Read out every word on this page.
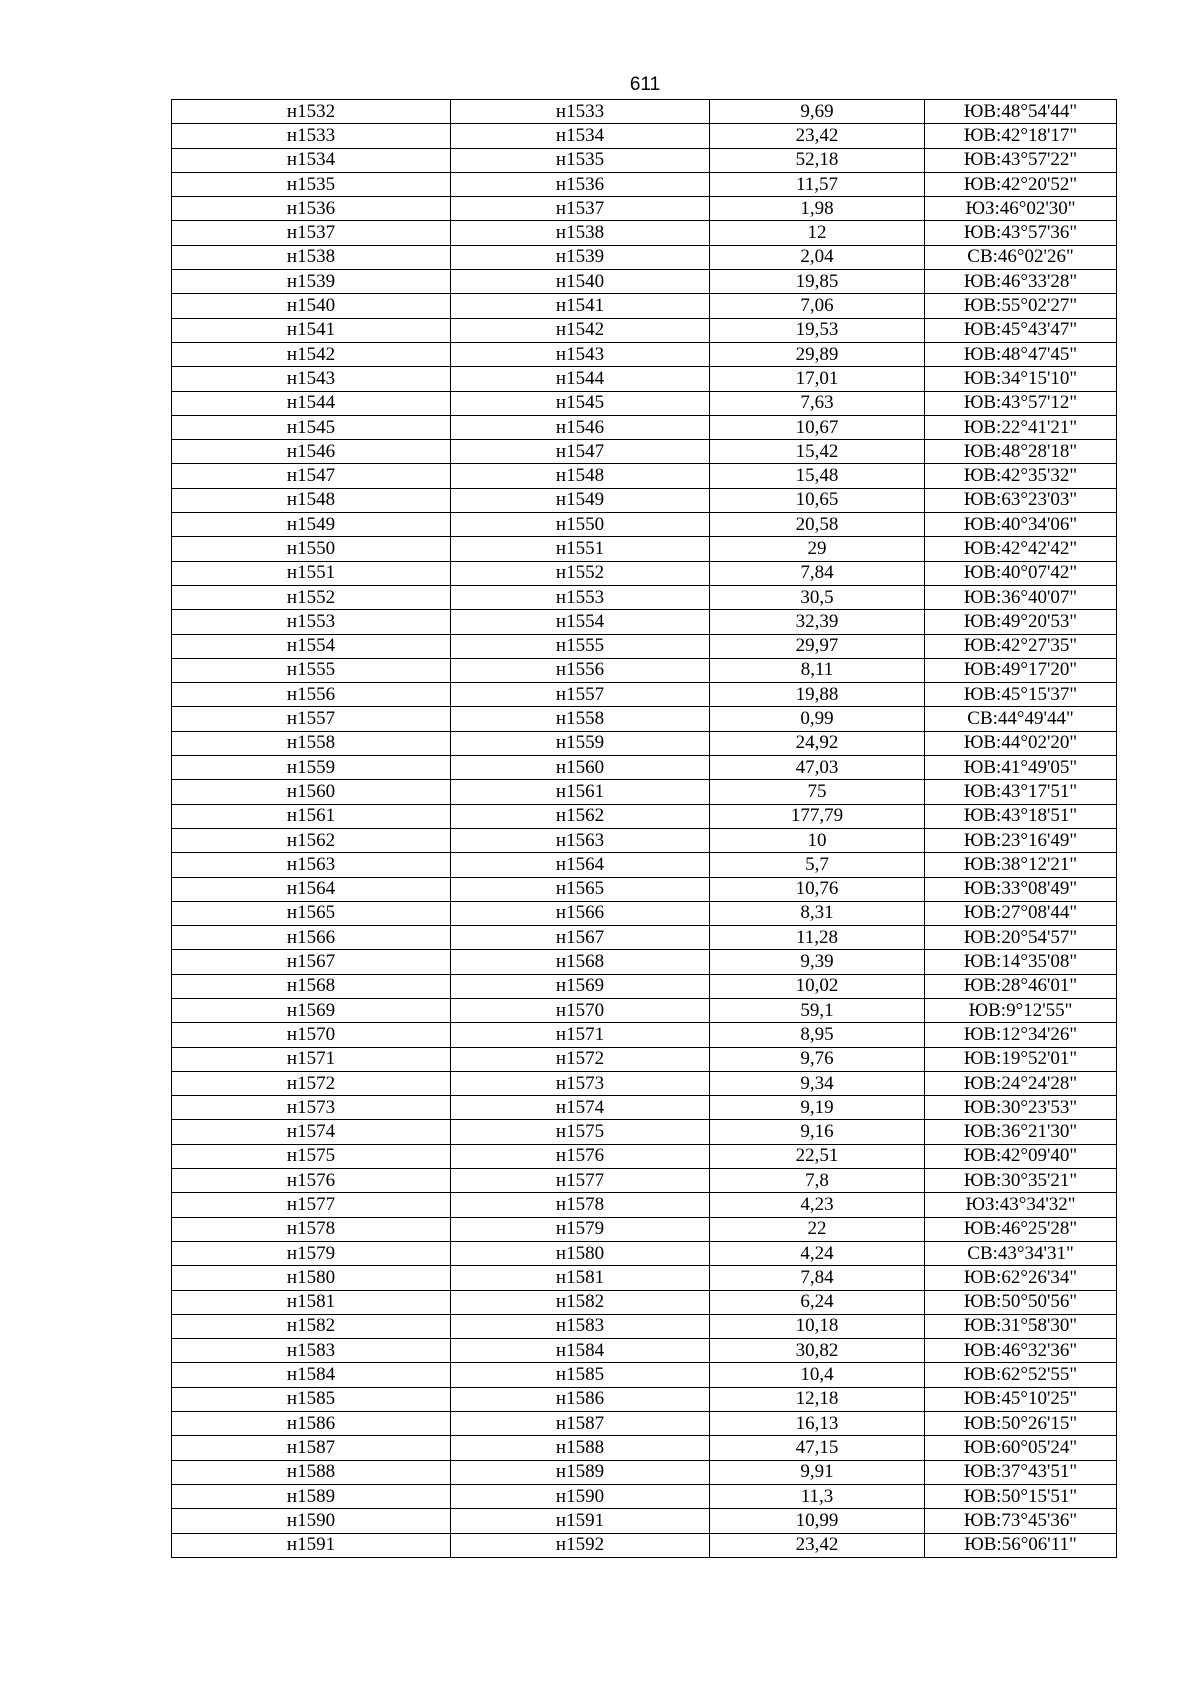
611
н1532	н1533	9,69	ЮВ:48°54'44"
н1533	н1534	23,42	ЮВ:42°18'17"
н1534	н1535	52,18	ЮВ:43°57'22"
н1535	н1536	11,57	ЮВ:42°20'52"
н1536	н1537	1,98	ЮЗ:46°02'30"
н1537	н1538	12	ЮВ:43°57'36"
н1538	н1539	2,04	СВ:46°02'26"
н1539	н1540	19,85	ЮВ:46°33'28"
н1540	н1541	7,06	ЮВ:55°02'27"
н1541	н1542	19,53	ЮВ:45°43'47"
н1542	н1543	29,89	ЮВ:48°47'45"
н1543	н1544	17,01	ЮВ:34°15'10"
н1544	н1545	7,63	ЮВ:43°57'12"
н1545	н1546	10,67	ЮВ:22°41'21"
н1546	н1547	15,42	ЮВ:48°28'18"
н1547	н1548	15,48	ЮВ:42°35'32"
н1548	н1549	10,65	ЮВ:63°23'03"
н1549	н1550	20,58	ЮВ:40°34'06"
н1550	н1551	29	ЮВ:42°42'42"
н1551	н1552	7,84	ЮВ:40°07'42"
н1552	н1553	30,5	ЮВ:36°40'07"
н1553	н1554	32,39	ЮВ:49°20'53"
н1554	н1555	29,97	ЮВ:42°27'35"
н1555	н1556	8,11	ЮВ:49°17'20"
н1556	н1557	19,88	ЮВ:45°15'37"
н1557	н1558	0,99	СВ:44°49'44"
н1558	н1559	24,92	ЮВ:44°02'20"
н1559	н1560	47,03	ЮВ:41°49'05"
н1560	н1561	75	ЮВ:43°17'51"
н1561	н1562	177,79	ЮВ:43°18'51"
н1562	н1563	10	ЮВ:23°16'49"
н1563	н1564	5,7	ЮВ:38°12'21"
н1564	н1565	10,76	ЮВ:33°08'49"
н1565	н1566	8,31	ЮВ:27°08'44"
н1566	н1567	11,28	ЮВ:20°54'57"
н1567	н1568	9,39	ЮВ:14°35'08"
н1568	н1569	10,02	ЮВ:28°46'01"
н1569	н1570	59,1	ЮВ:9°12'55"
н1570	н1571	8,95	ЮВ:12°34'26"
н1571	н1572	9,76	ЮВ:19°52'01"
н1572	н1573	9,34	ЮВ:24°24'28"
н1573	н1574	9,19	ЮВ:30°23'53"
н1574	н1575	9,16	ЮВ:36°21'30"
н1575	н1576	22,51	ЮВ:42°09'40"
н1576	н1577	7,8	ЮВ:30°35'21"
н1577	н1578	4,23	ЮЗ:43°34'32"
н1578	н1579	22	ЮВ:46°25'28"
н1579	н1580	4,24	СВ:43°34'31"
н1580	н1581	7,84	ЮВ:62°26'34"
н1581	н1582	6,24	ЮВ:50°50'56"
н1582	н1583	10,18	ЮВ:31°58'30"
н1583	н1584	30,82	ЮВ:46°32'36"
н1584	н1585	10,4	ЮВ:62°52'55"
н1585	н1586	12,18	ЮВ:45°10'25"
н1586	н1587	16,13	ЮВ:50°26'15"
н1587	н1588	47,15	ЮВ:60°05'24"
н1588	н1589	9,91	ЮВ:37°43'51"
н1589	н1590	11,3	ЮВ:50°15'51"
н1590	н1591	10,99	ЮВ:73°45'36"
н1591	н1592	23,42	ЮВ:56°06'11"
